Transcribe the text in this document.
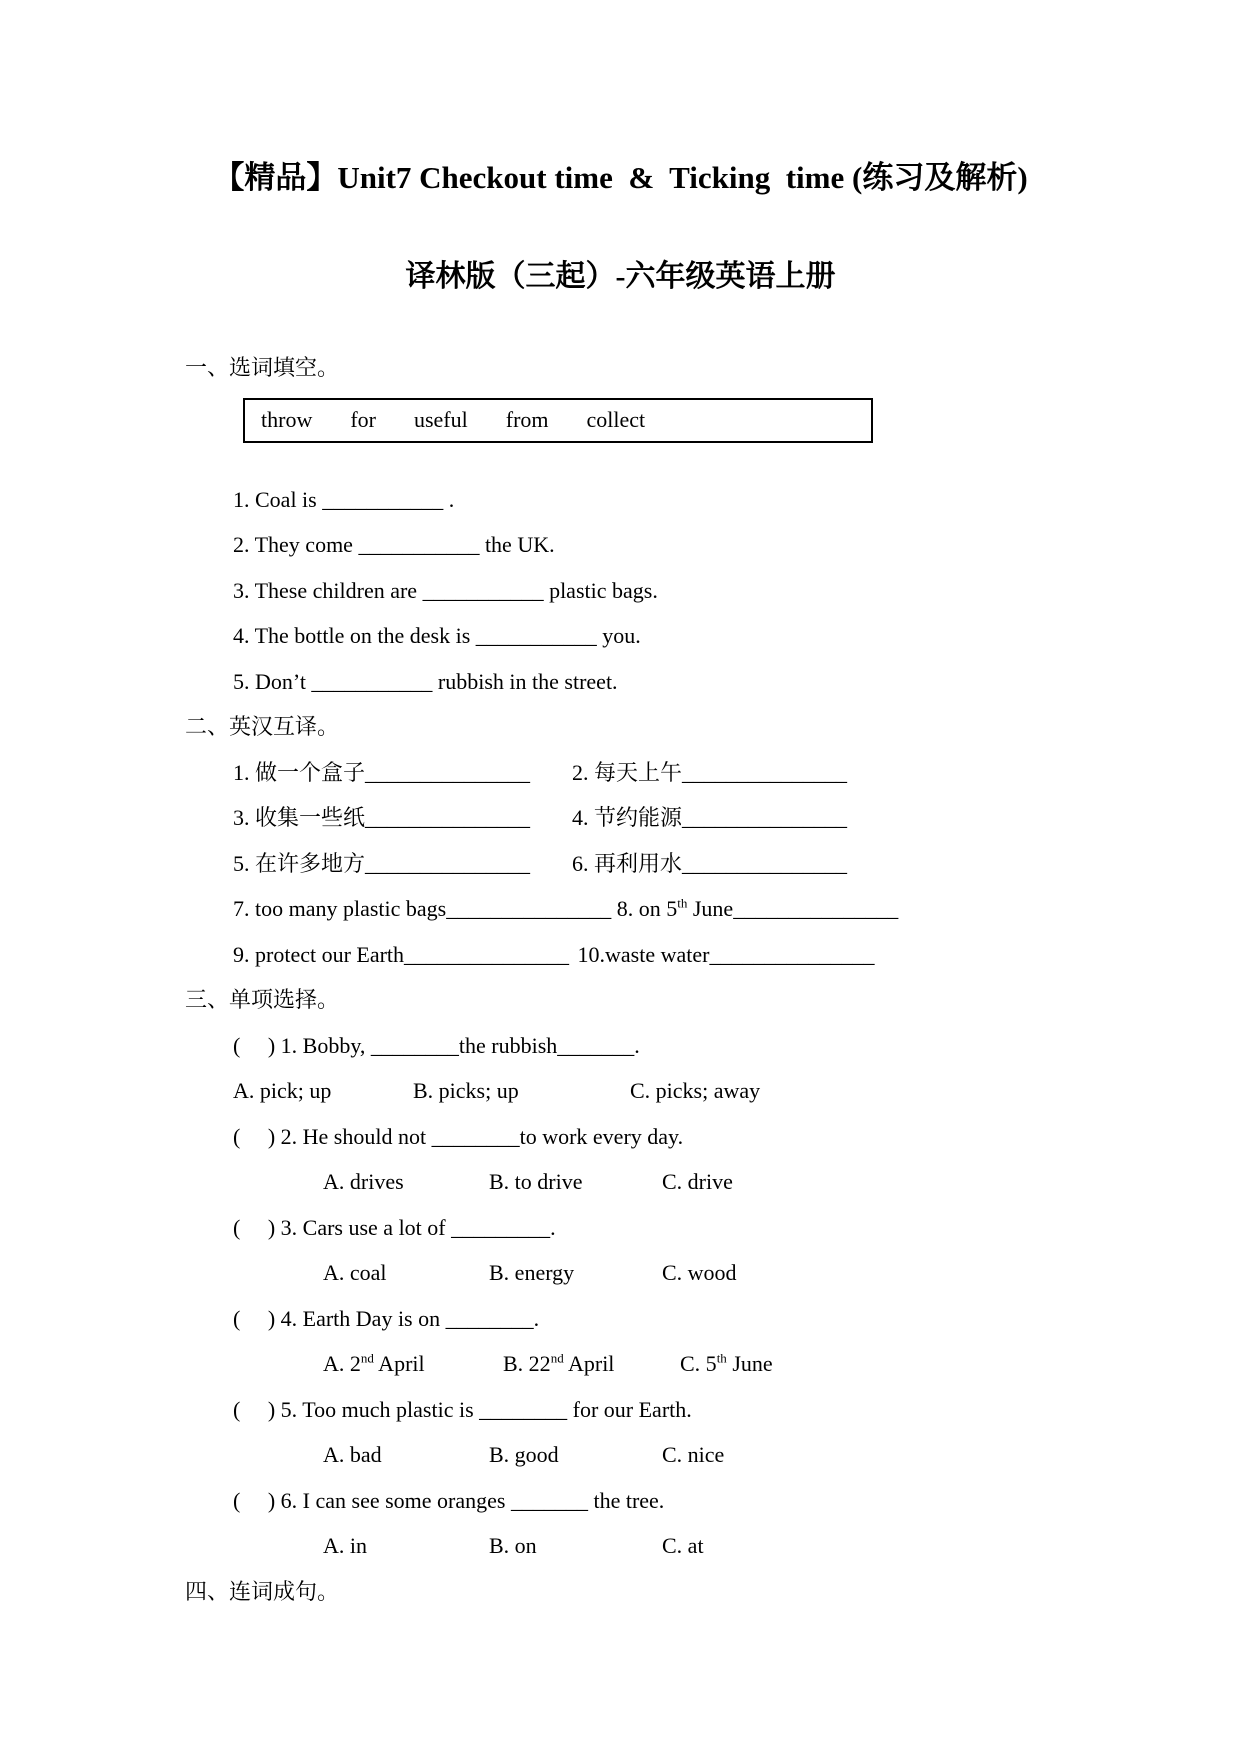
【精品】Unit7 Checkout time  &  Ticking  time (练习及解析)
译林版（三起）-六年级英语上册
一、选词填空。
throw for useful from collect
1. Coal is ___________ .
2. They come ___________ the UK.
3. These children are ___________ plastic bags.
4. The bottle on the desk is ___________ you.
5. Don’t ___________ rubbish in the street.
二、英汉互译。
1. 做一个盒子_______________ 2. 每天上午_______________
3. 收集一些纸_______________ 4. 节约能源_______________
5. 在许多地方_______________ 6. 再利用水_______________
7. too many plastic bags_______________ 8. on 5th June_______________
9. protect our Earth_______________ 10.waste water_______________
三、单项选择。
(     ) 1. Bobby, ________the rubbish_______.
A. pick; up	B. picks; up	C. picks; away
(     ) 2. He should not ________to work every day.
A. drives	B. to drive	C. drive
(     ) 3. Cars use a lot of _________.
A. coal	B. energy	C. wood
(     ) 4. Earth Day is on ________.
A. 2nd April	B. 22nd April	C. 5th June
(     ) 5. Too much plastic is ________ for our Earth.
A. bad	B. good	C. nice
(     ) 6. I can see some oranges _______ the tree.
A. in	B. on	C. at
四、连词成句。
